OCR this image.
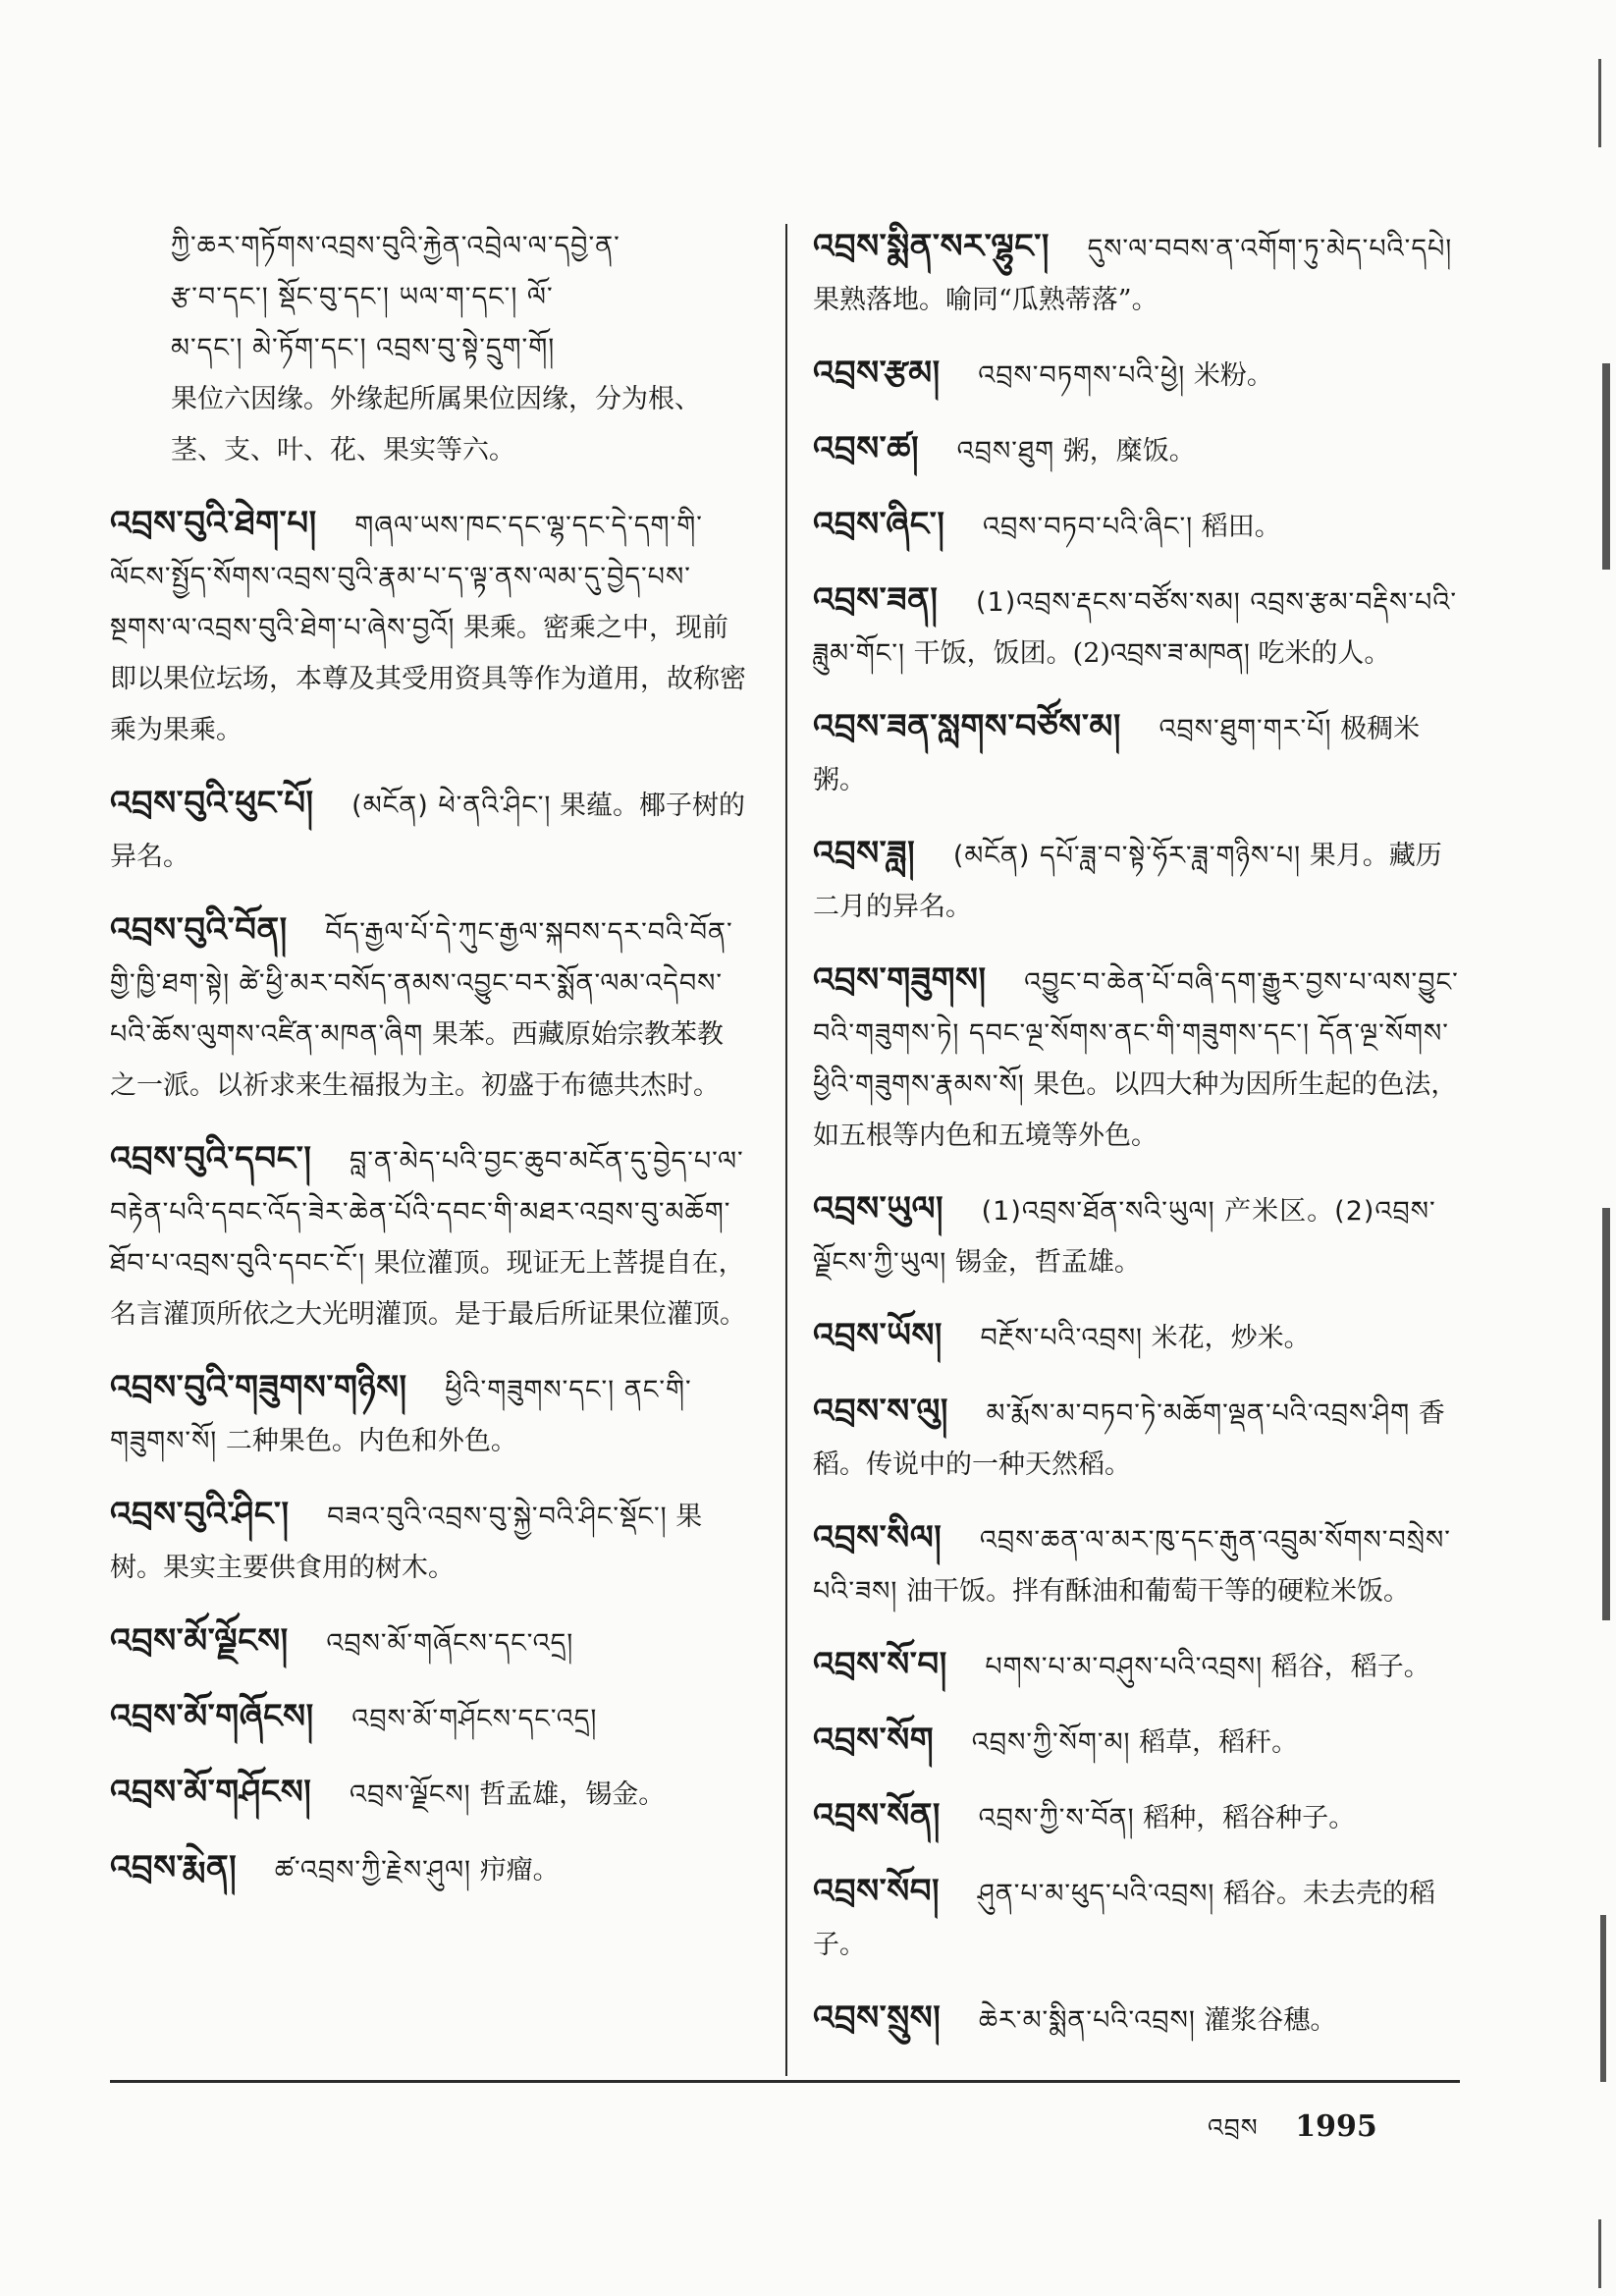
ཀྱི་ཆར་གཏོགས་འབྲས་བུའི་རྐྱེན་འབྲེལ་ལ་དབྱེ་ན་
རྩ་བ་དང་། སྡོང་བུ་དང་། ཡལ་ག་དང་། ལོ་
མ་དང་། མེ་ཏོག་དང་། འབྲས་བུ་སྟེ་དྲུག་གོ།
果位六因缘。外缘起所属果位因缘，分为根、茎、支、叶、花、果实等六。
འབྲས་བུའི་ཐེག་པ། གཞལ་ཡས་ཁང་དང་ལྷ་དང་དེ་དག་གི་ལོངས་སྤྱོད་སོགས་འབྲས་བུའི་རྣམ་པ་ད་ལྟ་ནས་ལམ་དུ་བྱེད་པས་སྔགས་ལ་འབྲས་བུའི་ཐེག་པ་ཞེས་བྱའོ། 果乘。密乘之中，现前即以果位坛场，本尊及其受用资具等作为道用，故称密乘为果乘。
འབྲས་བུའི་ཕུང་པོ། (མངོན) ཕེ་ནའི་ཤིང་། 果蕴。椰子树的异名。
འབྲས་བུའི་བོན། བོད་རྒྱལ་པོ་དེ་ཀུང་རྒྱལ་སྐབས་དར་བའི་བོན་གྱི་ཁྱི་ཐག་སྟེ། ཚེ་ཕྱི་མར་བསོད་ནམས་འབྱུང་བར་སྨོན་ལམ་འདེབས་པའི་ཆོས་ལུགས་འཛིན་མཁན་ཞིག 果苯。西藏原始宗教苯教之一派。以祈求来生福报为主。初盛于布德共杰时。
འབྲས་བུའི་དབང་། བླ་ན་མེད་པའི་བྱང་ཆུབ་མངོན་དུ་བྱེད་པ་ལ་བརྟེན་པའི་དབང་འོད་ཟེར་ཆེན་པོའི་དབང་གི་མཐར་འབྲས་བུ་མཆོག་ཐོབ་པ་འབྲས་བུའི་དབང་ངོ་། 果位灌顶。现证无上菩提自在，名言灌顶所依之大光明灌顶。是于最后所证果位灌顶。
འབྲས་བུའི་གཟུགས་གཉིས། ཕྱིའི་གཟུགས་དང་། ནང་གི་གཟུགས་སོ། 二种果色。内色和外色。
འབྲས་བུའི་ཤིང་། བཟའ་བུའི་འབྲས་བུ་སྐྱེ་བའི་ཤིང་སྡོང་། 果树。果实主要供食用的树木。
འབྲས་མོ་ལྗོངས། འབྲས་མོ་གཞོངས་དང་འདྲ།
འབྲས་མོ་གཞོངས། འབྲས་མོ་གཤོངས་དང་འདྲ།
འབྲས་མོ་གཤོངས། འབྲས་ལྗོངས། 哲孟雄，锡金。
འབྲས་རྨེན། ཚ་འབྲས་ཀྱི་རྗེས་ཤུལ། 疖瘤。
འབྲས་སྨིན་སར་ལྷུང་། དུས་ལ་བབས་ན་འགོག་ཏུ་མེད་པའི་དཔེ། 果熟落地。喻同“瓜熟蒂落”。
འབྲས་རྩམ། འབྲས་བཏགས་པའི་ཕྱེ། 米粉。
འབྲས་ཚ། འབྲས་ཐུག 粥，糜饭。
འབྲས་ཞིང་། འབྲས་བཏབ་པའི་ཞིང་། 稻田。
འབྲས་ཟན། (1)འབྲས་རྡངས་བཙོས་སམ། འབྲས་རྩམ་བརྡིས་པའི་ཟླུམ་གོང་། 干饭，饭团。(2)འབྲས་ཟ་མཁན། 吃米的人。
འབྲས་ཟན་སླགས་བཙོས་མ། འབྲས་ཐུག་གར་པོ། 极稠米粥。
འབྲས་ཟླ། (མངོན) དཔོ་ཟླ་བ་སྟེ་ཧོར་ཟླ་གཉིས་པ། 果月。藏历二月的异名。
འབྲས་གཟུགས། འབྱུང་བ་ཆེན་པོ་བཞི་དག་རྒྱུར་བྱས་པ་ལས་བྱུང་བའི་གཟུགས་ཏེ། དབང་ལྔ་སོགས་ནང་གི་གཟུགས་དང་། དོན་ལྔ་སོགས་ཕྱིའི་གཟུགས་རྣམས་སོ། 果色。以四大种为因所生起的色法，如五根等内色和五境等外色。
འབྲས་ཡུལ། (1)འབྲས་ཐོན་སའི་ཡུལ། 产米区。(2)འབྲས་ལྗོངས་ཀྱི་ཡུལ། 锡金，哲孟雄。
འབྲས་ཡོས། བརྔོས་པའི་འབྲས། 米花，炒米。
འབྲས་ས་ལུ། མ་རྨོས་མ་བཏབ་ཏེ་མཆོག་ལྡན་པའི་འབྲས་ཤིག 香稻。传说中的一种天然稻。
འབྲས་སིལ། འབྲས་ཆན་ལ་མར་ཁུ་དང་རྒུན་འབྲུམ་སོགས་བསྲེས་པའི་ཟས། 油干饭。拌有酥油和葡萄干等的硬粒米饭。
འབྲས་སོ་བ། པགས་པ་མ་བཤུས་པའི་འབྲས། 稻谷，稻子。
འབྲས་སོག འབྲས་ཀྱི་སོག་མ། 稻草，稻秆。
འབྲས་སོན། འབྲས་ཀྱི་ས་བོན། 稻种，稻谷种子。
འབྲས་སོབ། ཤུན་པ་མ་ཕུད་པའི་འབྲས། 稻谷。未去壳的稻子。
འབྲས་སྲུས། ཆེར་མ་སྨིན་པའི་འབྲས། 灌浆谷穗。
འབྲས 1995
